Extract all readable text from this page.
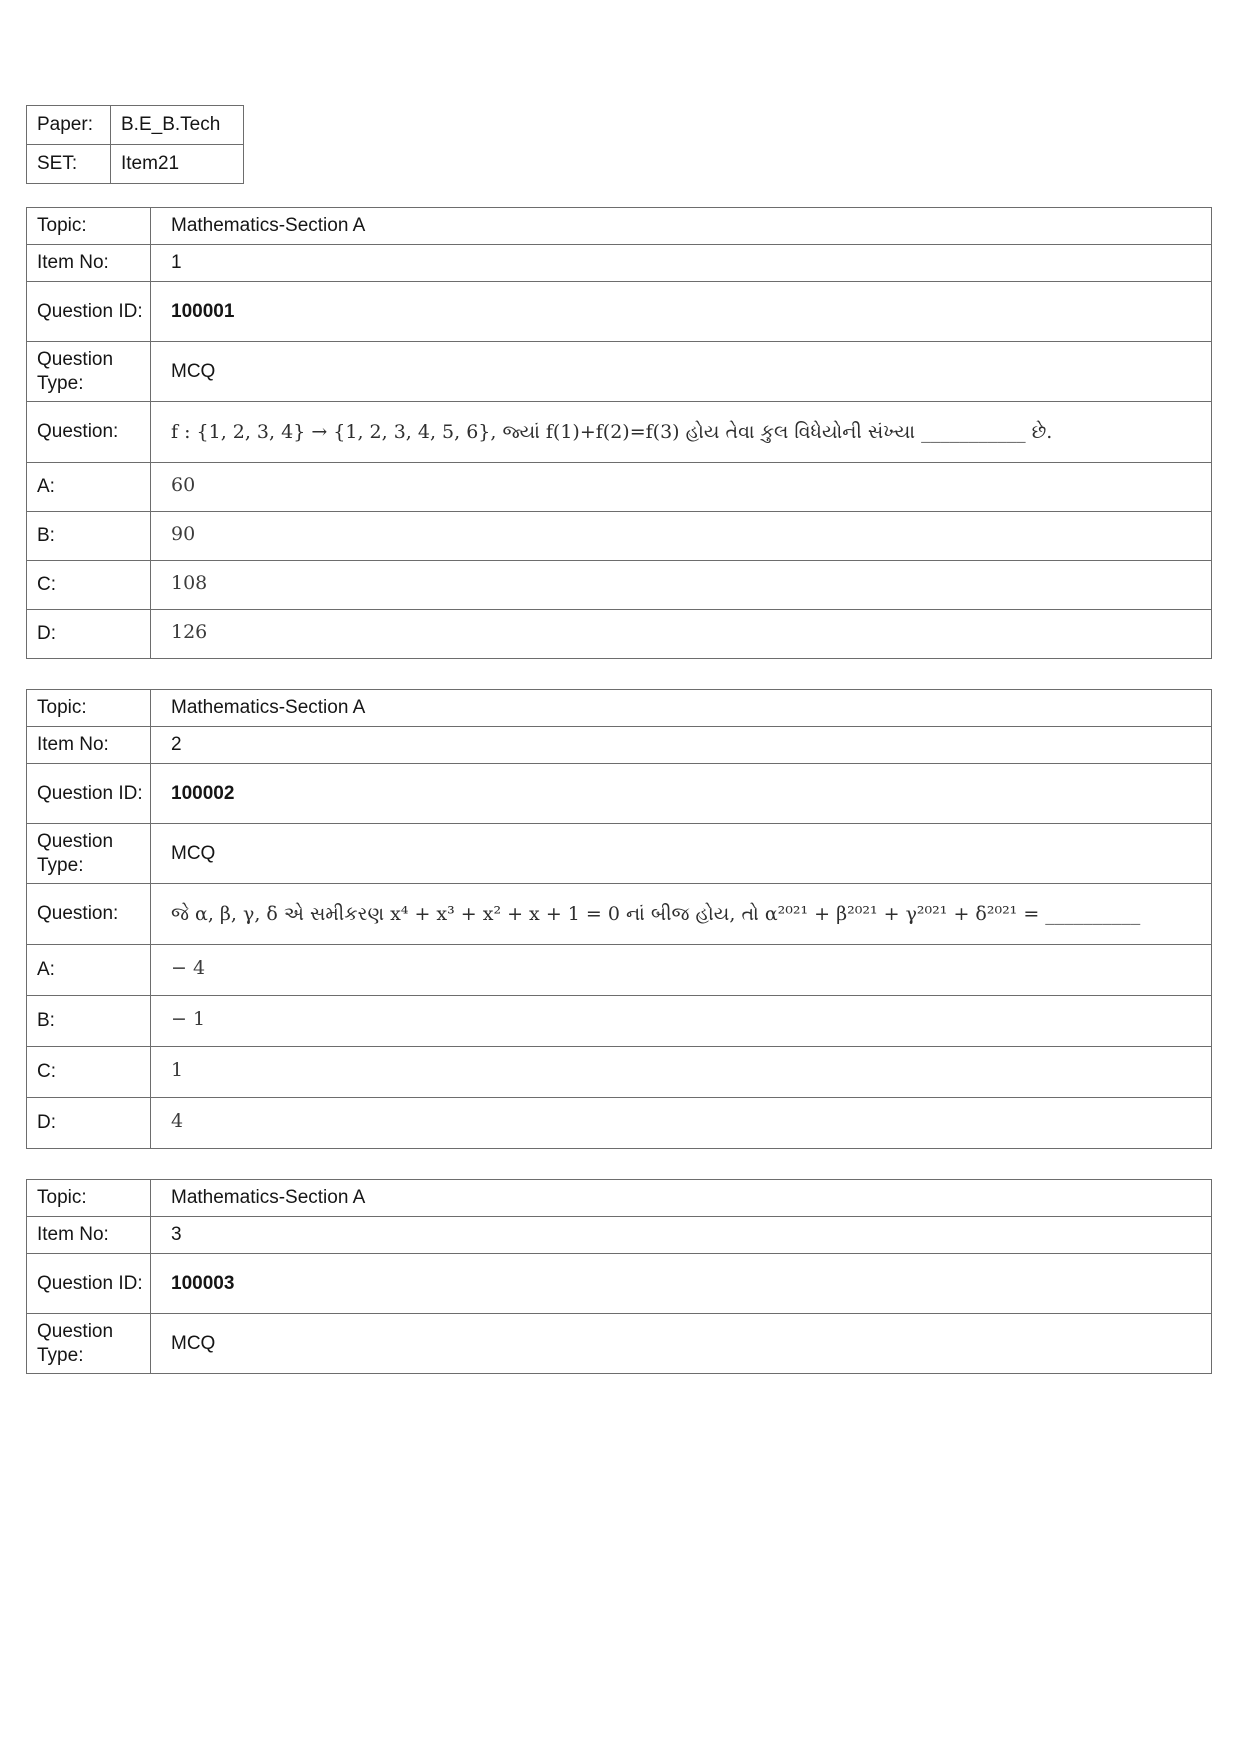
Paper:	B.E_B.Tech
SET:	Item21
Topic:	Mathematics-Section A
Item No:	1
Question ID:	100001
Question Type:	MCQ
Question:	f : {1, 2, 3, 4} → {1, 2, 3, 4, 5, 6}, જ્યાં f(1)+f(2)=f(3) હોય તેવા કુલ વિધેયોની સંખ્યા ___________ છે.
A:	60
B:	90
C:	108
D:	126
Topic:	Mathematics-Section A
Item No:	2
Question ID:	100002
Question Type:	MCQ
Question:	જે α, β, γ, δ એ સમીકરણ x⁴ + x³ + x² + x + 1 = 0 નાં બીજ હોય, તો α²⁰²¹ + β²⁰²¹ + γ²⁰²¹ + δ²⁰²¹ = __________
A:	− 4
B:	− 1
C:	1
D:	4
Topic:	Mathematics-Section A
Item No:	3
Question ID:	100003
Question Type:	MCQ
